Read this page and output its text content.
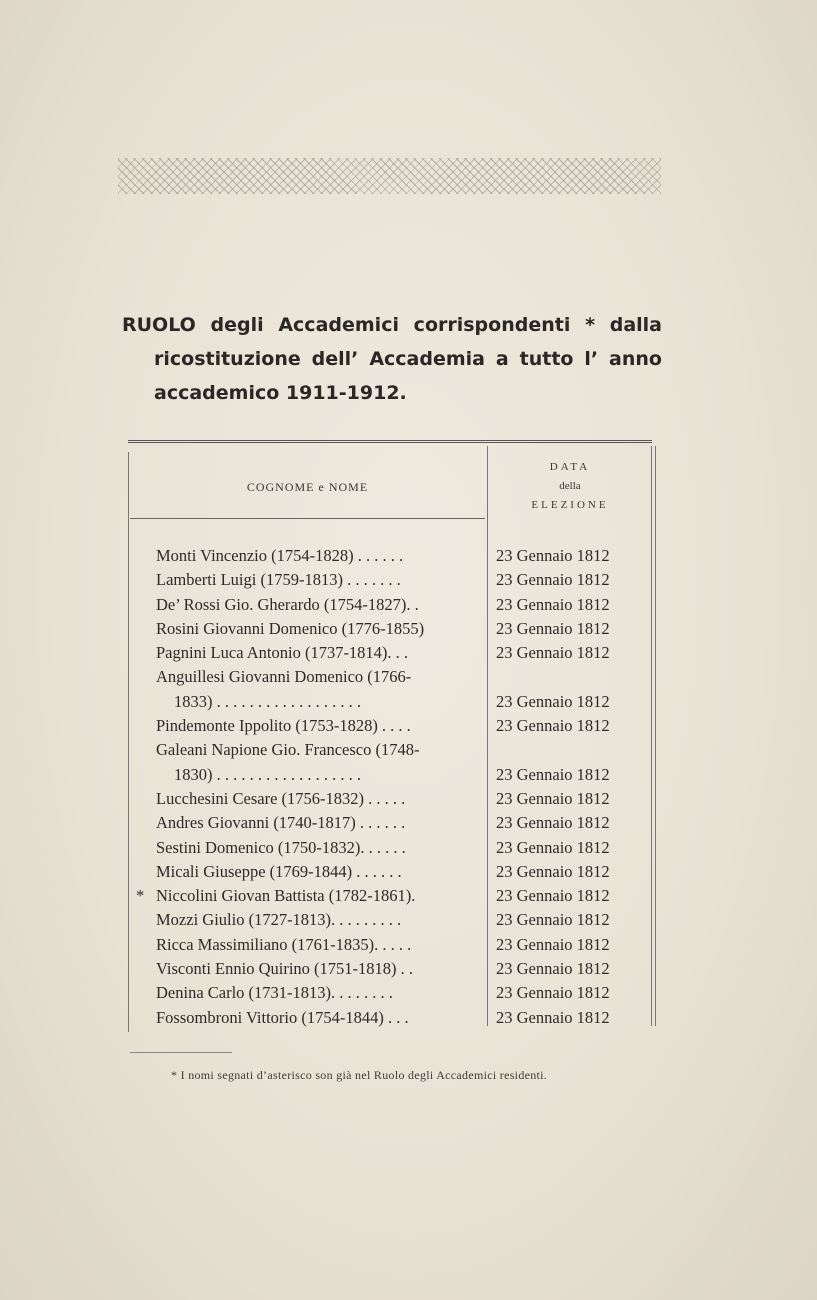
RUOLO degli Accademici corrispondenti * dalla
ricostituzione dell’ Accademia a tutto l’ anno
accademico 1911-1912.
COGNOME e NOME
DATA
della
ELEZIONE
Monti Vincenzio (1754-1828) . . . . . .	23 Gennaio 1812
Lamberti Luigi (1759-1813) . . . . . . .	23 Gennaio 1812
De’ Rossi Gio. Gherardo (1754-1827). .	23 Gennaio 1812
Rosini Giovanni Domenico (1776-1855)	23 Gennaio 1812
Pagnini Luca Antonio (1737-1814). . .	23 Gennaio 1812
Anguillesi Giovanni Domenico (1766-
1833) . . . . . . . . . . . . . . . . . .	23 Gennaio 1812
Pindemonte Ippolito (1753-1828) . . . .	23 Gennaio 1812
Galeani Napione Gio. Francesco (1748-
1830) . . . . . . . . . . . . . . . . . .	23 Gennaio 1812
Lucchesini Cesare (1756-1832) . . . . .	23 Gennaio 1812
Andres Giovanni (1740-1817) . . . . . .	23 Gennaio 1812
Sestini Domenico (1750-1832). . . . . .	23 Gennaio 1812
Micali Giuseppe (1769-1844) . . . . . .	23 Gennaio 1812
* Niccolini Giovan Battista (1782-1861).	23 Gennaio 1812
Mozzi Giulio (1727-1813). . . . . . . . .	23 Gennaio 1812
Ricca Massimiliano (1761-1835). . . . .	23 Gennaio 1812
Visconti Ennio Quirino (1751-1818) . .	23 Gennaio 1812
Denina Carlo (1731-1813). . . . . . . .	23 Gennaio 1812
Fossombroni Vittorio (1754-1844) . . .	23 Gennaio 1812
* I nomi segnati d’asterisco son già nel Ruolo degli Accademici residenti.
